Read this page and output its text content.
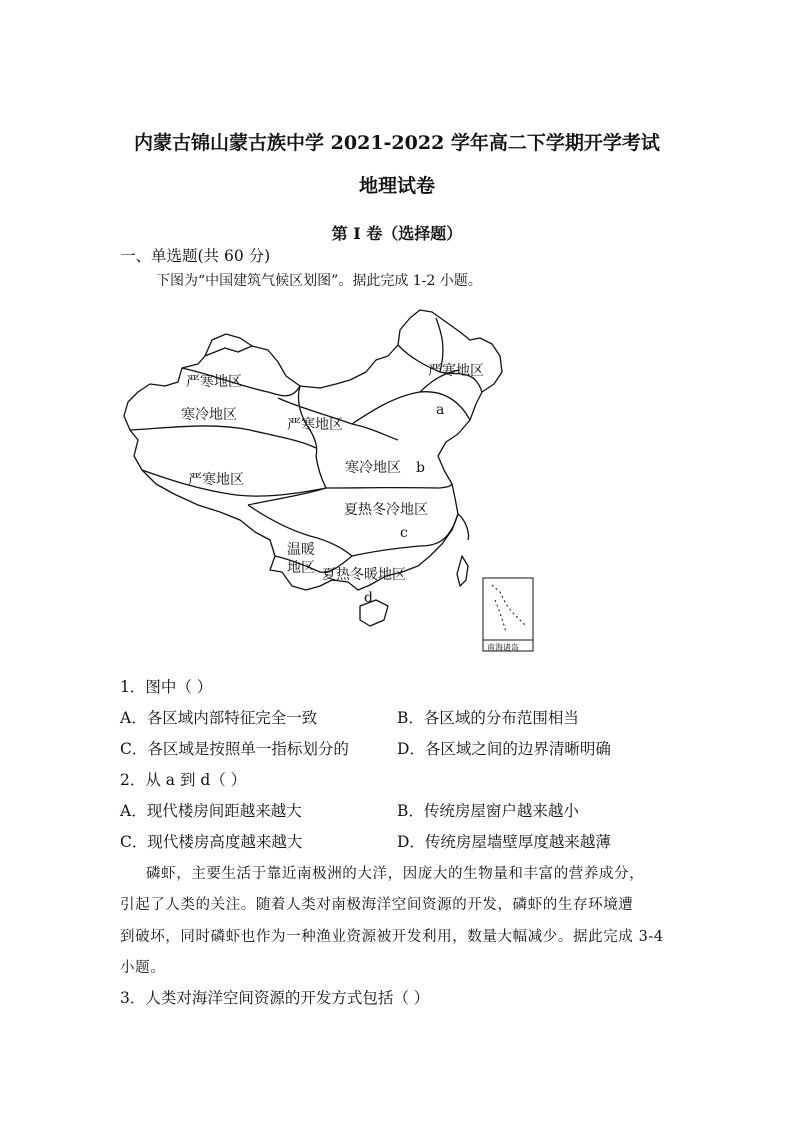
内蒙古锦山蒙古族中学 2021-2022 学年高二下学期开学考试
地理试卷
第 I 卷（选择题）
一、单选题(共 60 分)
下图为“中国建筑气候区划图”。据此完成 1-2 小题。
严寒地区
寒冷地区
严寒地区
严寒地区
严寒地区
寒冷地区
夏热冬冷地区
温暖
地区 夏热冬暖地区
a
b
c
d
南海诸岛
1．图中（ ）
A．各区域内部特征完全一致	B．各区域的分布范围相当
C．各区域是按照单一指标划分的	D．各区域之间的边界清晰明确
2．从 a 到 d（ ）
A．现代楼房间距越来越大	B．传统房屋窗户越来越小
C．现代楼房高度越来越大	D．传统房屋墙壁厚度越来越薄
磷虾，主要生活于靠近南极洲的大洋，因庞大的生物量和丰富的营养成分，
引起了人类的关注。随着人类对南极海洋空间资源的开发，磷虾的生存环境遭
到破坏，同时磷虾也作为一种渔业资源被开发利用，数量大幅减少。据此完成 3-4
小题。
3．人类对海洋空间资源的开发方式包括（ ）
